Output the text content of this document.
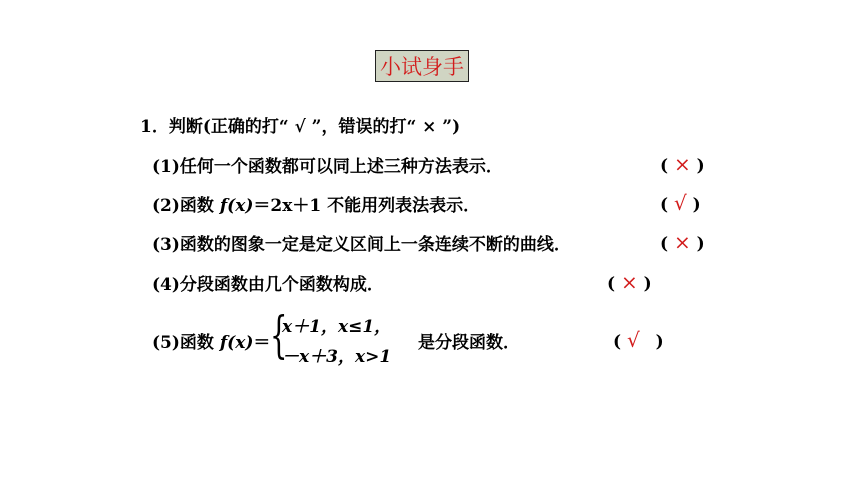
小试身手
1．判断(正确的打“ √ ”，错误的打“ × ”)
(1)任何一个函数都可以同上述三种方法表示．	( × )
(2)函数 f(x)＝2x＋1 不能用列表法表示．	( √ )
(3)函数的图象一定是定义区间上一条连续不断的曲线．	( × )
(4)分段函数由几个函数构成．	( × )
(5)函数 f(x)＝ {
x＋1，x≤1，
－x＋3，x>1
是分段函数．	( √ )
